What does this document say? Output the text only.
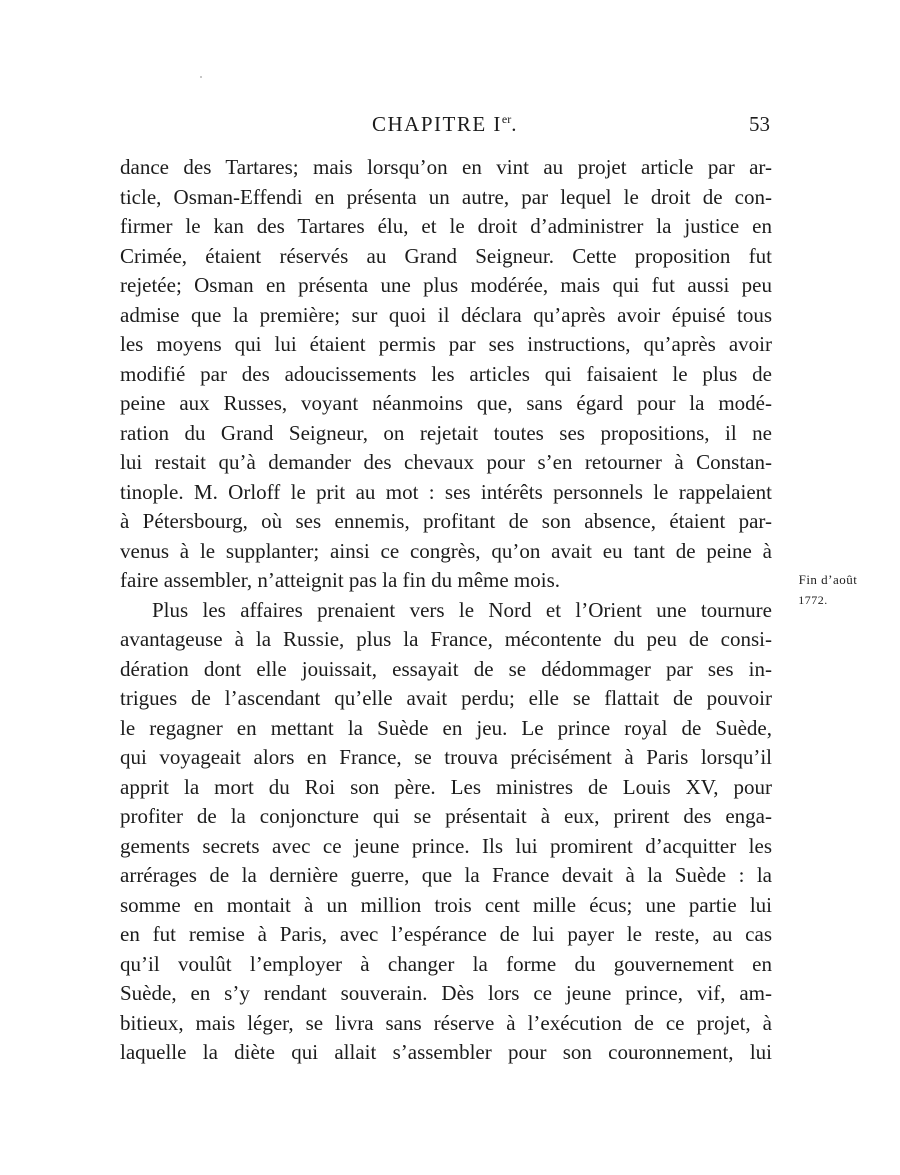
CHAPITRE Ier.	53
dance des Tartares; mais lorsqu’on en vint au projet article par ar-
ticle, Osman-Effendi en présenta un autre, par lequel le droit de con-
firmer le kan des Tartares élu, et le droit d’administrer la justice en
Crimée, étaient réservés au Grand Seigneur. Cette proposition fut
rejetée; Osman en présenta une plus modérée, mais qui fut aussi peu
admise que la première; sur quoi il déclara qu’après avoir épuisé tous
les moyens qui lui étaient permis par ses instructions, qu’après avoir
modifié par des adoucissements les articles qui faisaient le plus de
peine aux Russes, voyant néanmoins que, sans égard pour la modé-
ration du Grand Seigneur, on rejetait toutes ses propositions, il ne
lui restait qu’à demander des chevaux pour s’en retourner à Constan-
tinople. M. Orloff le prit au mot : ses intérêts personnels le rappelaient
à Pétersbourg, où ses ennemis, profitant de son absence, étaient par-
venus à le supplanter; ainsi ce congrès, qu’on avait eu tant de peine à
faire assembler, n’atteignit pas la fin du même mois.
Plus les affaires prenaient vers le Nord et l’Orient une tournure
avantageuse à la Russie, plus la France, mécontente du peu de consi-
dération dont elle jouissait, essayait de se dédommager par ses in-
trigues de l’ascendant qu’elle avait perdu; elle se flattait de pouvoir
le regagner en mettant la Suède en jeu. Le prince royal de Suède,
qui voyageait alors en France, se trouva précisément à Paris lorsqu’il
apprit la mort du Roi son père. Les ministres de Louis XV, pour
profiter de la conjoncture qui se présentait à eux, prirent des enga-
gements secrets avec ce jeune prince. Ils lui promirent d’acquitter les
arrérages de la dernière guerre, que la France devait à la Suède : la
somme en montait à un million trois cent mille écus; une partie lui
en fut remise à Paris, avec l’espérance de lui payer le reste, au cas
qu’il voulût l’employer à changer la forme du gouvernement en
Suède, en s’y rendant souverain. Dès lors ce jeune prince, vif, am-
bitieux, mais léger, se livra sans réserve à l’exécution de ce projet, à
laquelle la diète qui allait s’assembler pour son couronnement, lui
Fin d’août
1772.
